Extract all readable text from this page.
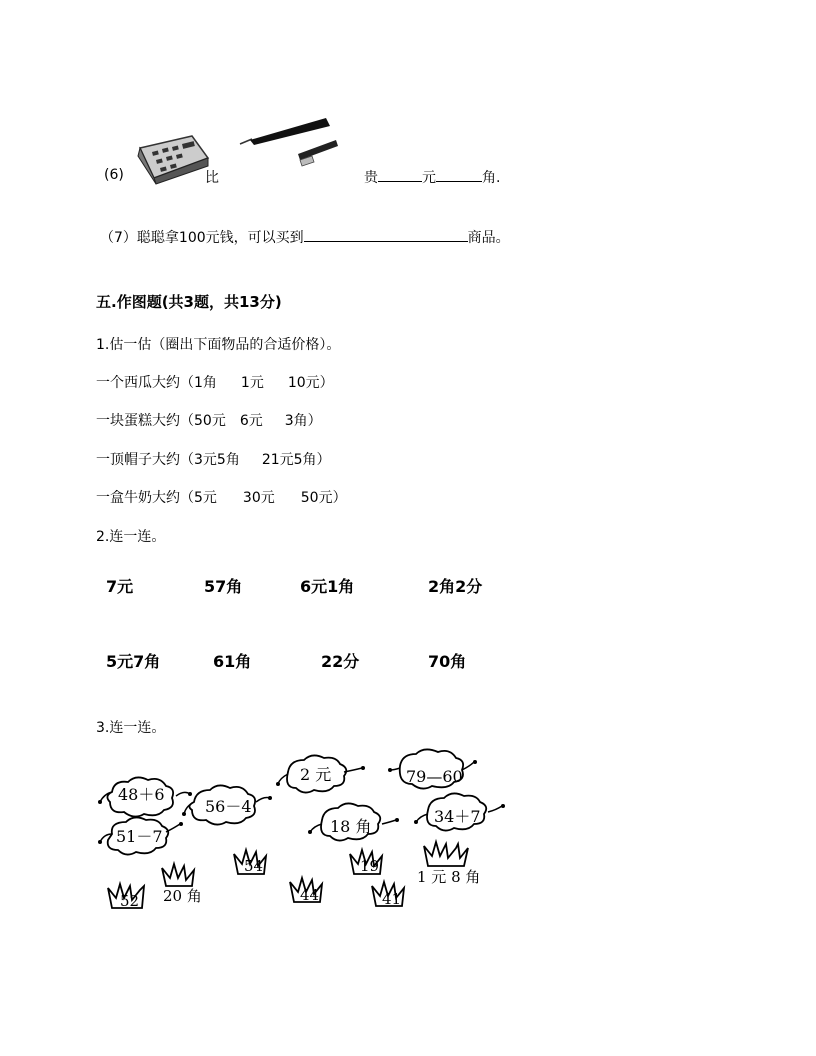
(6)	比	贵	元	角.
（7）聪聪拿100元钱，可以买到	商品。
五.作图题(共3题，共13分)
1.估一估（圈出下面物品的合适价格）。
一个西瓜大约（1角 1元 10元）
一块蛋糕大约（50元 6元 3角）
一顶帽子大约（3元5角 21元5角）
一盒牛奶大约（5元 30元 50元）
2.连一连。
7元	57角	6元1角	2角2分
5元7角	61角	22分	70角
3.连一连。
48＋6
56－4
51－7
2 元	79—60
18 角
34＋7
54	19
52	44	41
20 角
1 元 8 角
